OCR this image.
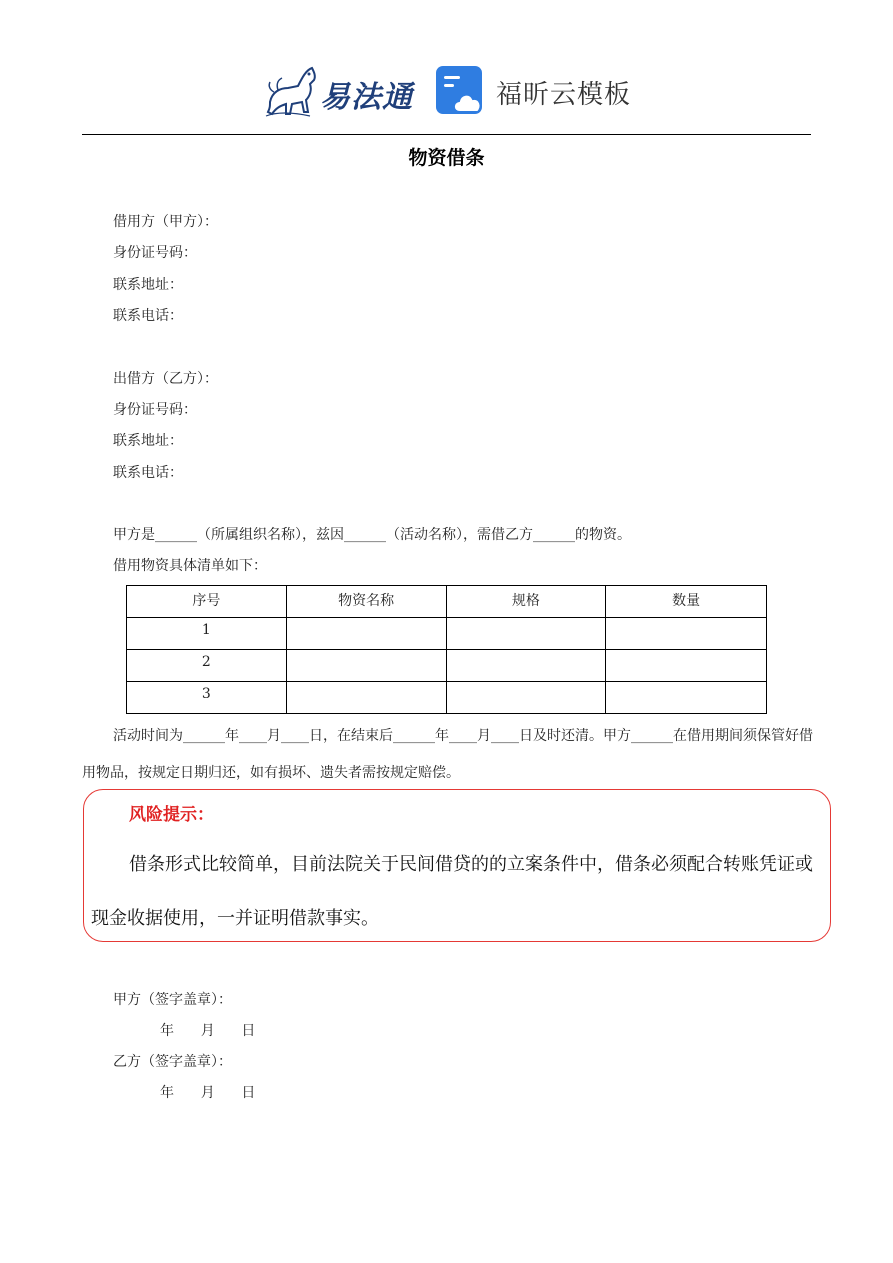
易法通	福昕云模板
物资借条
借用方（甲方）：
身份证号码：
联系地址：
联系电话：
出借方（乙方）：
身份证号码：
联系地址：
联系电话：
甲方是______（所属组织名称），兹因______（活动名称），需借乙方______的物资。
借用物资具体清单如下：
序号	物资名称	规格	数量
1			
2			
3			
活动时间为______年____月____日，在结束后______年____月____日及时还清。甲方______在借用期间须保管好借用物品，按规定日期归还，如有损坏、遗失者需按规定赔偿。
风险提示：
借条形式比较简单，目前法院关于民间借贷的的立案条件中，借条必须配合转账凭证或现金收据使用，一并证明借款事实。
甲方（签字盖章）：
年      月      日
乙方（签字盖章）：
年      月      日
